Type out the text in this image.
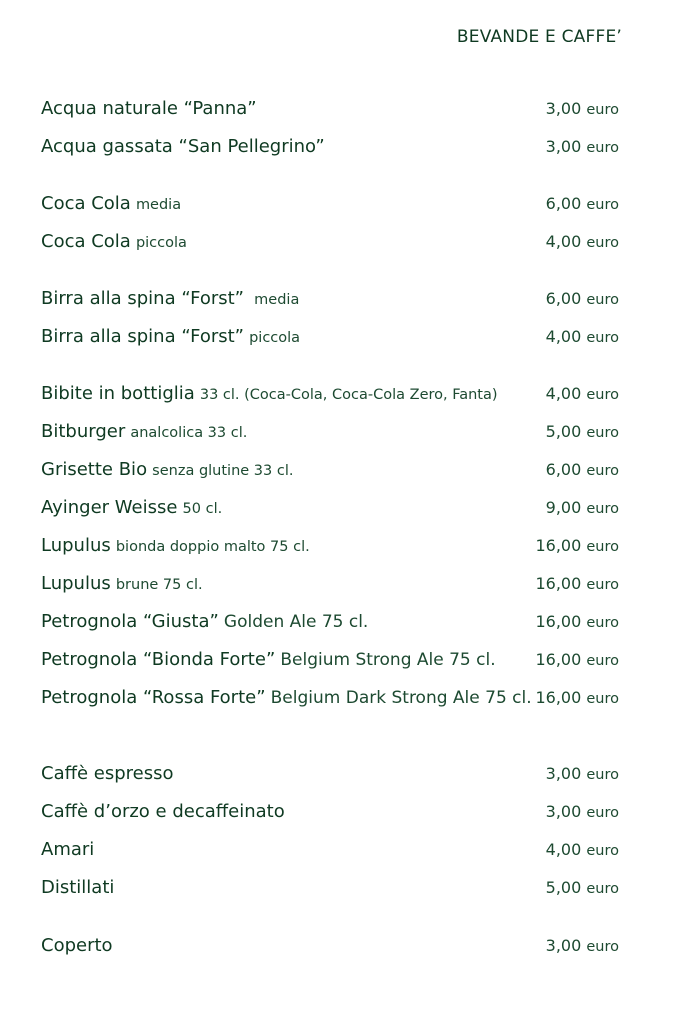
BEVANDE E CAFFE’
Acqua naturale “Panna”	3,00 euro
Acqua gassata “San Pellegrino”	3,00 euro
Coca Cola media	6,00 euro
Coca Cola piccola	4,00 euro
Birra alla spina “Forst” media	6,00 euro
Birra alla spina “Forst” piccola	4,00 euro
Bibite in bottiglia 33 cl. (Coca-Cola, Coca-Cola Zero, Fanta)	4,00 euro
Bitburger analcolica 33 cl.	5,00 euro
Grisette Bio senza glutine 33 cl.	6,00 euro
Ayinger Weisse 50 cl.	9,00 euro
Lupulus bionda doppio malto 75 cl.	16,00 euro
Lupulus brune 75 cl.	16,00 euro
Petrognola “Giusta” Golden Ale 75 cl.	16,00 euro
Petrognola “Bionda Forte” Belgium Strong Ale 75 cl. 16,00 euro
Petrognola “Rossa Forte” Belgium Dark Strong Ale 75 cl. 16,00 euro
Caffè espresso	3,00 euro
Caffè d’orzo e decaffeinato	3,00 euro
Amari	4,00 euro
Distillati	5,00 euro
Coperto	3,00 euro
